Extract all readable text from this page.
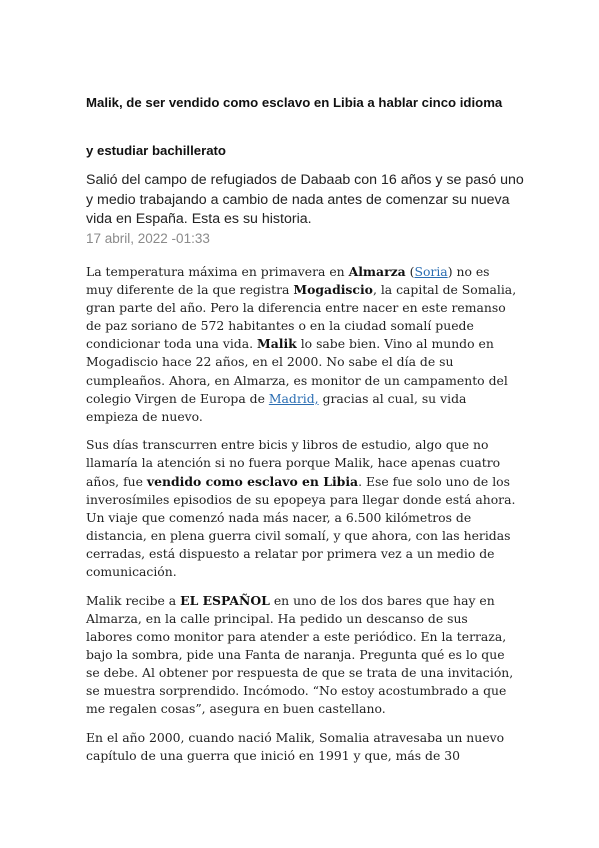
Malik, de ser vendido como esclavo en Libia a hablar cinco idioma
y estudiar bachillerato

Salió del campo de refugiados de Dabaab con 16 años y se pasó uno y medio trabajando a cambio de nada antes de comenzar su nueva vida en España. Esta es su historia.

17 abril, 2022 -01:33

La temperatura máxima en primavera en Almarza (Soria) no es muy diferente de la que registra Mogadiscio, la capital de Somalia, gran parte del año. Pero la diferencia entre nacer en este remanso de paz soriano de 572 habitantes o en la ciudad somalí puede condicionar toda una vida. Malik lo sabe bien. Vino al mundo en Mogadiscio hace 22 años, en el 2000. No sabe el día de su cumpleaños. Ahora, en Almarza, es monitor de un campamento del colegio Virgen de Europa de Madrid, gracias al cual, su vida empieza de nuevo.

Sus días transcurren entre bicis y libros de estudio, algo que no llamaría la atención si no fuera porque Malik, hace apenas cuatro años, fue vendido como esclavo en Libia. Ese fue solo uno de los inverosímiles episodios de su epopeya para llegar donde está ahora. Un viaje que comenzó nada más nacer, a 6.500 kilómetros de distancia, en plena guerra civil somalí, y que ahora, con las heridas cerradas, está dispuesto a relatar por primera vez a un medio de comunicación.

Malik recibe a EL ESPAÑOL en uno de los dos bares que hay en Almarza, en la calle principal. Ha pedido un descanso de sus labores como monitor para atender a este periódico. En la terraza, bajo la sombra, pide una Fanta de naranja. Pregunta qué es lo que se debe. Al obtener por respuesta de que se trata de una invitación, se muestra sorprendido. Incómodo. “No estoy acostumbrado a que me regalen cosas”, asegura en buen castellano.

En el año 2000, cuando nació Malik, Somalia atravesaba un nuevo capítulo de una guerra que inició en 1991 y que, más de 30
